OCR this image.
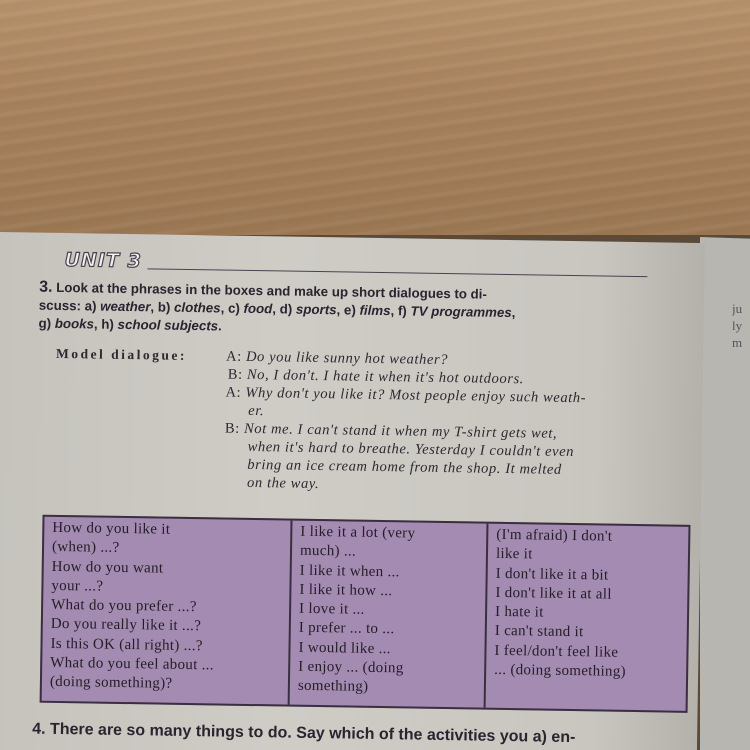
ju
ly
m
UNIT 3
3. Look at the phrases in the boxes and make up short dialogues to di-
scuss: a) weather, b) clothes, c) food, d) sports, e) films, f) TV programmes,
g) books, h) school subjects.
Model dialogue:	A: Do you like sunny hot weather?
B: No, I don't. I hate it when it's hot outdoors.
A: Why don't you like it? Most people enjoy such weath-
er.
B: Not me. I can't stand it when my T-shirt gets wet,
when it's hard to breathe. Yesterday I couldn't even
bring an ice cream home from the shop. It melted
on the way.
How do you like it
(when) ...?
How do you want
your ...?
What do you prefer ...?
Do you really like it ...?
Is this OK (all right) ...?
What do you feel about ...
(doing something)?
I like it a lot (very
much) ...
I like it when ...
I like it how ...
I love it ...
I prefer ... to ...
I would like ...
I enjoy ... (doing
something)
(I'm afraid) I don't
like it
I don't like it a bit
I don't like it at all
I hate it
I can't stand it
I feel/don't feel like
... (doing something)
4. There are so many things to do. Say which of the activities you a) en-
